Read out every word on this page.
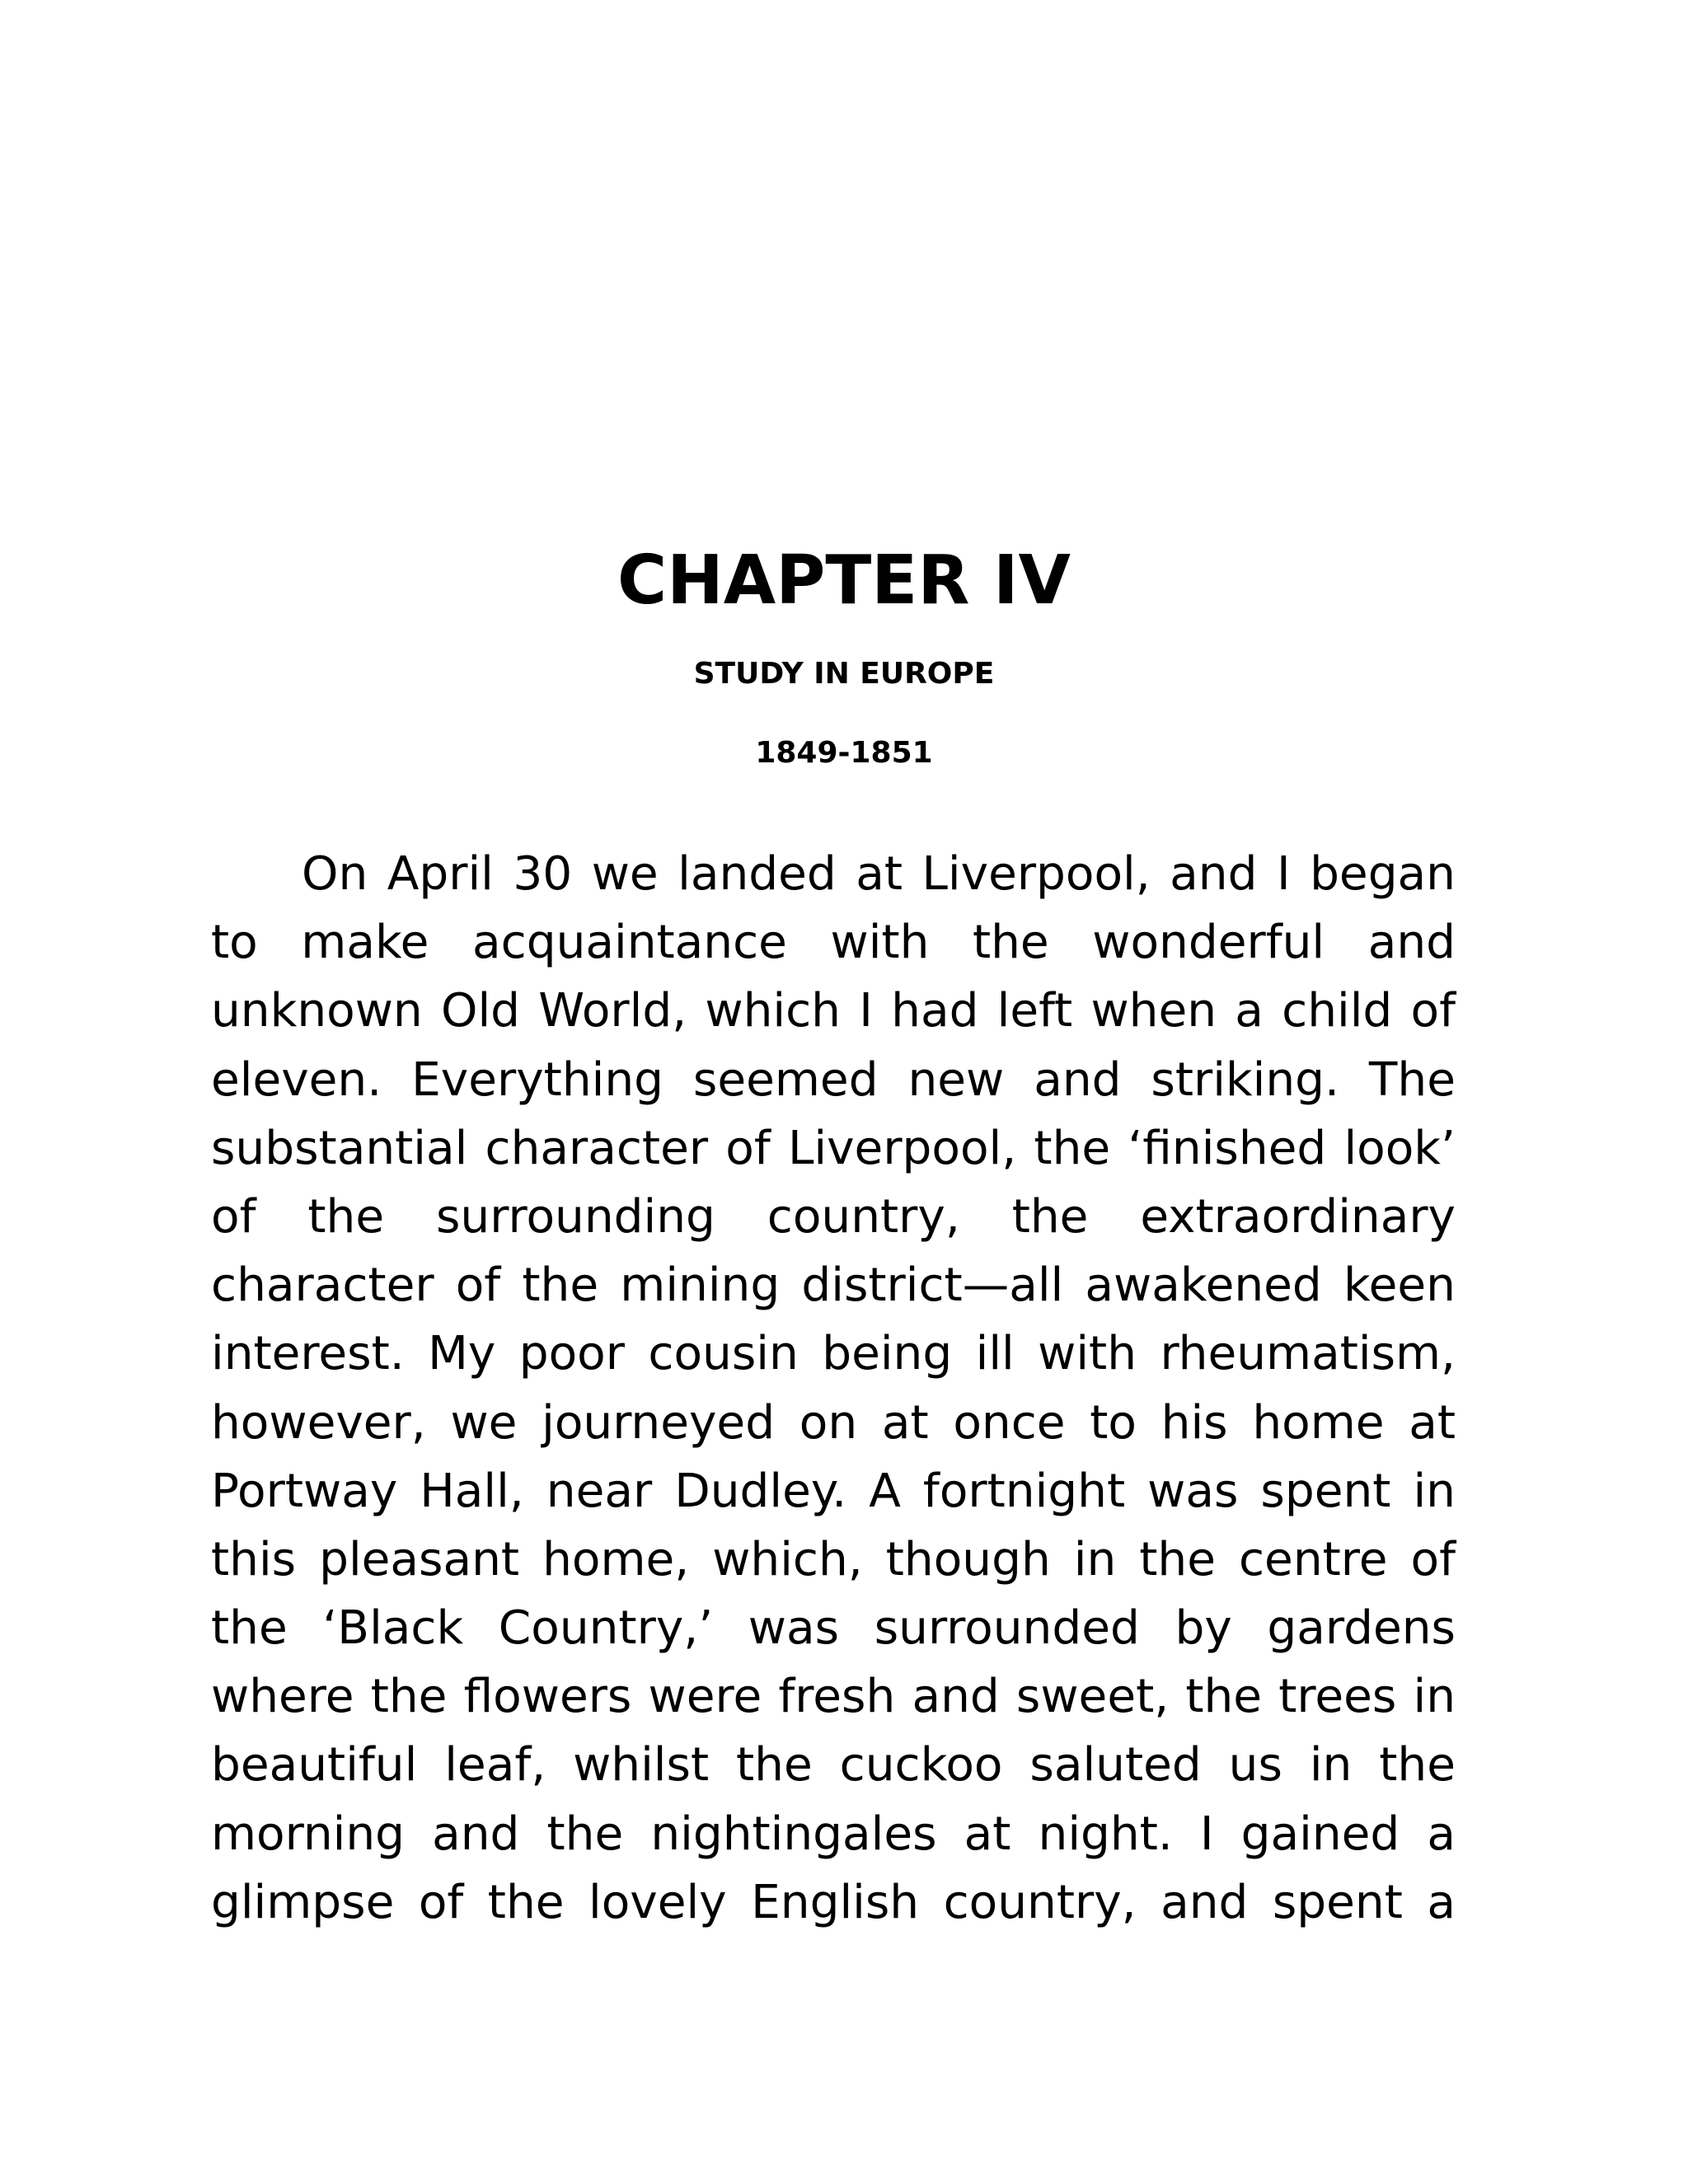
CHAPTER IV
STUDY IN EUROPE
1849-1851
On April 30 we landed at Liverpool, and I began
to make acquaintance with the wonderful and
unknown Old World, which I had left when a child of
eleven. Everything seemed new and striking. The
substantial character of Liverpool, the ‘finished look’
of the surrounding country, the extraordinary
character of the mining district—all awakened keen
interest. My poor cousin being ill with rheumatism,
however, we journeyed on at once to his home at
Portway Hall, near Dudley. A fortnight was spent in
this pleasant home, which, though in the centre of
the ‘Black Country,’ was surrounded by gardens
where the flowers were fresh and sweet, the trees in
beautiful leaf, whilst the cuckoo saluted us in the
morning and the nightingales at night. I gained a
glimpse of the lovely English country, and spent a
